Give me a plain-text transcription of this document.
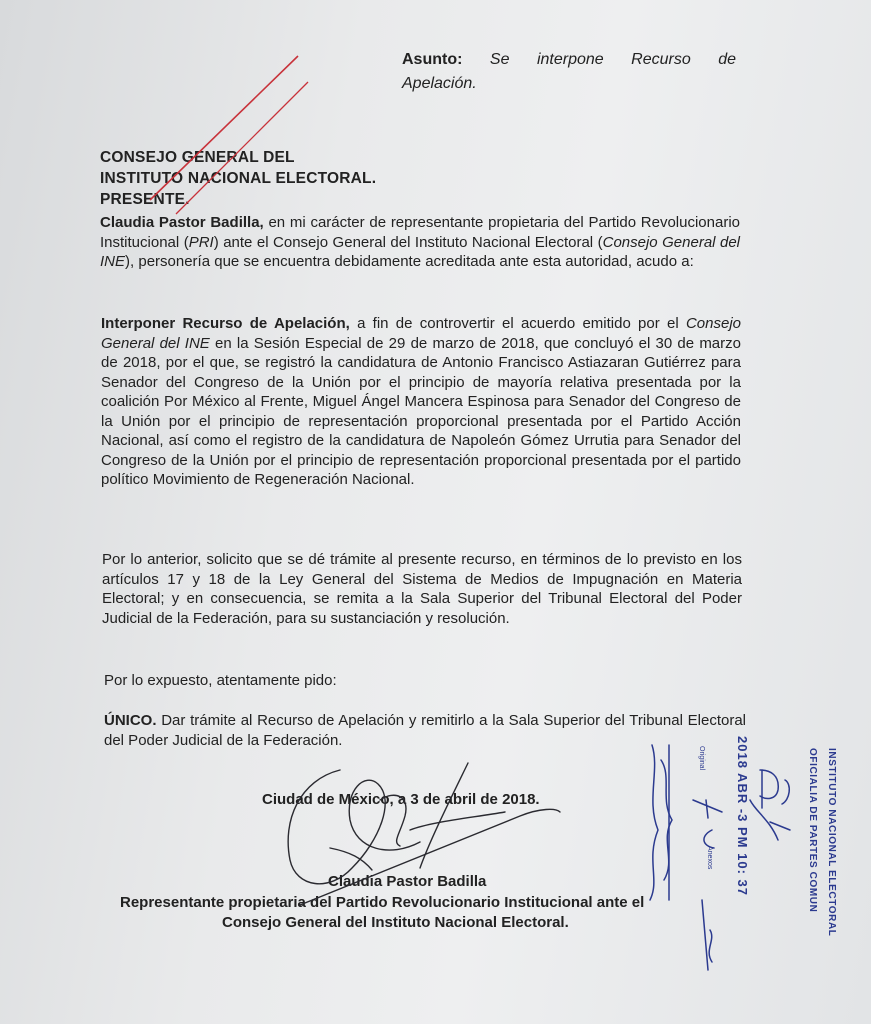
Asunto: Se interpone Recurso de
Apelación.
CONSEJO GENERAL DEL
INSTITUTO NACIONAL ELECTORAL.
PRESENTE.
Claudia Pastor Badilla, en mi carácter de representante propietaria del Partido Revolucionario Institucional (PRI) ante el Consejo General del Instituto Nacional Electoral (Consejo General del INE), personería que se encuentra debidamente acreditada ante esta autoridad, acudo a:
Interponer Recurso de Apelación, a fin de controvertir el acuerdo emitido por el Consejo General del INE en la Sesión Especial de 29 de marzo de 2018, que concluyó el 30 de marzo de 2018, por el que, se registró la candidatura de Antonio Francisco Astiazaran Gutiérrez para Senador del Congreso de la Unión por el principio de mayoría relativa presentada por la coalición Por México al Frente, Miguel Ángel Mancera Espinosa para Senador del Congreso de la Unión por el principio de representación proporcional presentada por el Partido Acción Nacional, así como el registro de la candidatura de Napoleón Gómez Urrutia para Senador del Congreso de la Unión por el principio de representación proporcional presentada por el partido político Movimiento de Regeneración Nacional.
Por lo anterior, solicito que se dé trámite al presente recurso, en términos de lo previsto en los artículos 17 y 18 de la Ley General del Sistema de Medios de Impugnación en Materia Electoral; y en consecuencia, se remita a la Sala Superior del Tribunal Electoral del Poder Judicial de la Federación, para su sustanciación y resolución.
Por lo expuesto, atentamente pido:
ÚNICO. Dar trámite al Recurso de Apelación y remitirlo a la Sala Superior del Tribunal Electoral del Poder Judicial de la Federación.
Ciudad de México, a 3 de abril de 2018.
Claudia Pastor Badilla
Representante propietaria del Partido Revolucionario Institucional ante el
Consejo General del Instituto Nacional Electoral.	INSTITUTO NACIONAL ELECTORAL
OFICIALIA DE PARTES COMUN
2018 ABR -3 PM 10: 37
Original
Anexos
